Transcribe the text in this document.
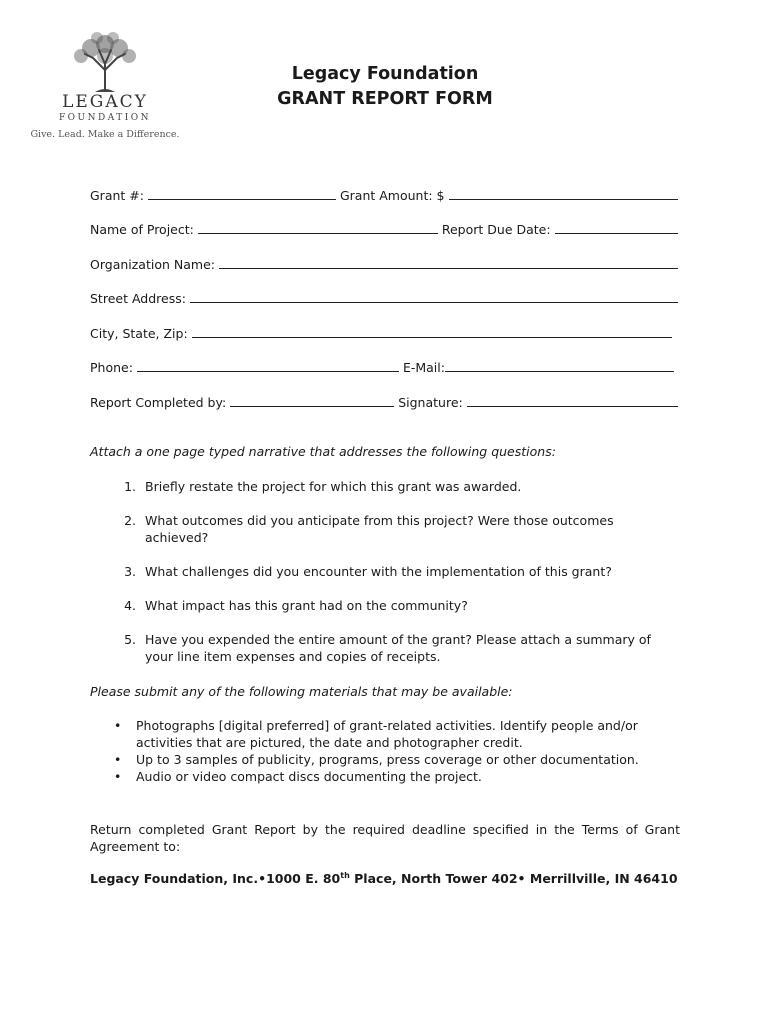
LEGACY
FOUNDATION
Give. Lead. Make a Difference.
Legacy Foundation
GRANT REPORT FORM
Grant #:	Grant Amount: $
Name of Project:	Report Due Date:
Organization Name:
Street Address:
City, State, Zip:
Phone:	E-Mail:
Report Completed by:	Signature:
Attach a one page typed narrative that addresses the following questions:
1. Briefly restate the project for which this grant was awarded.
2. What outcomes did you anticipate from this project? Were those outcomes achieved?
3. What challenges did you encounter with the implementation of this grant?
4. What impact has this grant had on the community?
5. Have you expended the entire amount of the grant? Please attach a summary of your line item expenses and copies of receipts.
Please submit any of the following materials that may be available:
•	Photographs [digital preferred] of grant-related activities. Identify people and/or activities that are pictured, the date and photographer credit.
•	Up to 3 samples of publicity, programs, press coverage or other documentation.
•	Audio or video compact discs documenting the project.
Return completed Grant Report by the required deadline specified in the Terms of Grant Agreement to:
Legacy Foundation, Inc.•1000 E. 80th Place, North Tower 402• Merrillville, IN 46410
